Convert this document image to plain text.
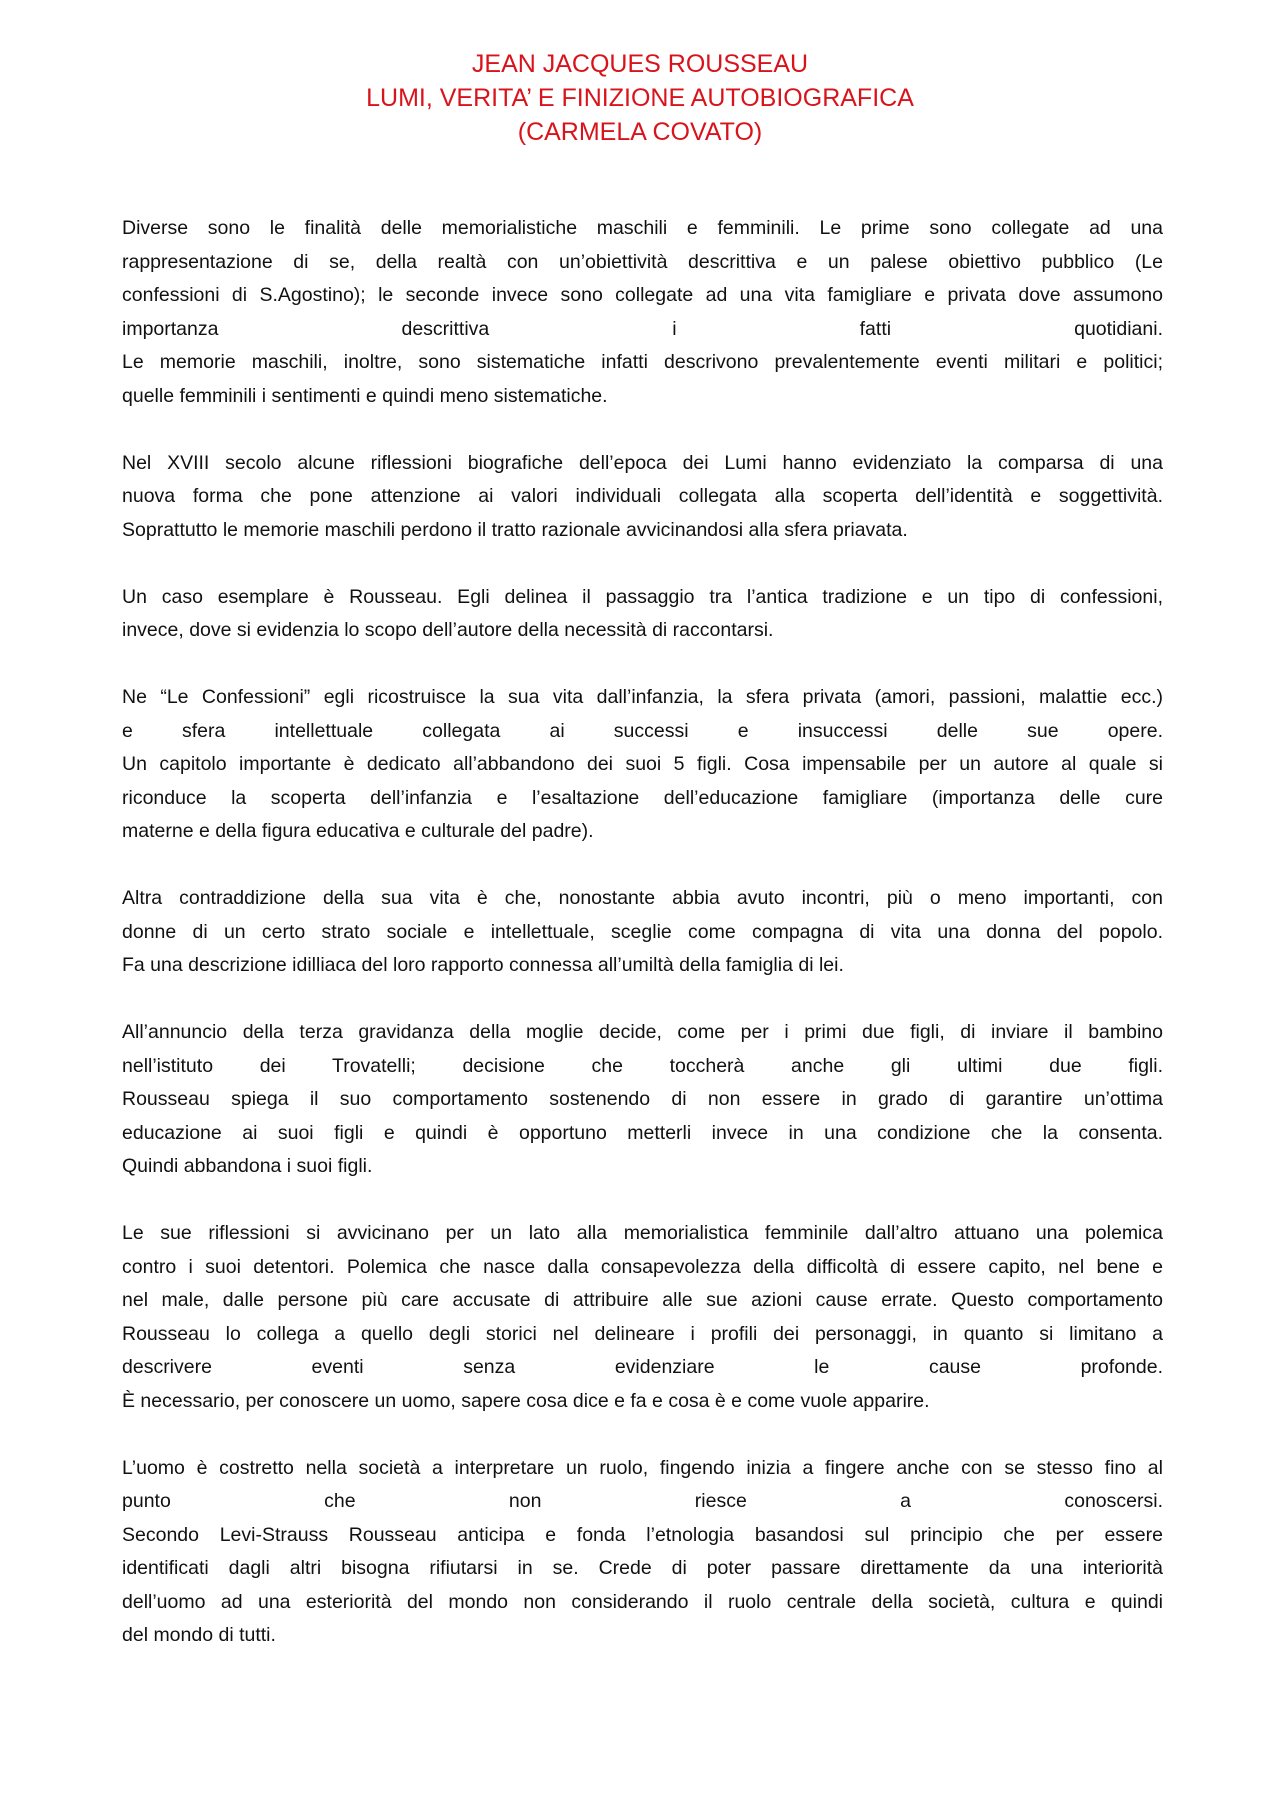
JEAN JACQUES ROUSSEAU
LUMI, VERITA’ E FINIZIONE AUTOBIOGRAFICA
(CARMELA COVATO)
Diverse sono le finalità delle memorialistiche maschili e femminili. Le prime sono collegate ad una
rappresentazione di se, della realtà con un’obiettività descrittiva e un palese obiettivo pubblico (Le
confessioni di S.Agostino); le seconde invece sono collegate ad una vita famigliare e privata dove assumono
importanza descrittiva i fatti quotidiani.
Le memorie maschili, inoltre, sono sistematiche infatti descrivono prevalentemente eventi militari e politici;
quelle femminili i sentimenti e quindi meno sistematiche.
Nel XVIII secolo alcune riflessioni biografiche dell’epoca dei Lumi hanno evidenziato la comparsa di una
nuova forma che pone attenzione ai valori individuali collegata alla scoperta dell’identità e soggettività.
Soprattutto le memorie maschili perdono il tratto razionale avvicinandosi alla sfera priavata.
Un caso esemplare è Rousseau. Egli delinea il passaggio tra l’antica tradizione e un tipo di confessioni,
invece, dove si evidenzia lo scopo dell’autore della necessità di raccontarsi.
Ne “Le Confessioni” egli ricostruisce la sua vita dall’infanzia, la sfera privata (amori, passioni, malattie ecc.)
e sfera intellettuale collegata ai successi e insuccessi delle sue opere.
Un capitolo importante è dedicato all’abbandono dei suoi 5 figli. Cosa impensabile per un autore al quale si
riconduce la scoperta dell’infanzia e l’esaltazione dell’educazione famigliare (importanza delle cure
materne e della figura educativa e culturale del padre).
Altra contraddizione della sua vita è che, nonostante abbia avuto incontri, più o meno importanti, con
donne di un certo strato sociale e intellettuale, sceglie come compagna di vita una donna del popolo.
Fa una descrizione idilliaca del loro rapporto connessa all’umiltà della famiglia di lei.
All’annuncio della terza gravidanza della moglie decide, come per i primi due figli, di inviare il bambino
nell’istituto dei Trovatelli; decisione che toccherà anche gli ultimi due figli.
Rousseau spiega il suo comportamento sostenendo di non essere in grado di garantire un’ottima
educazione ai suoi figli e quindi è opportuno metterli invece in una condizione che la consenta.
Quindi abbandona i suoi figli.
Le sue riflessioni si avvicinano per un lato alla memorialistica femminile dall’altro attuano una polemica
contro i suoi detentori. Polemica che nasce dalla consapevolezza della difficoltà di essere capito, nel bene e
nel male, dalle persone più care accusate di attribuire alle sue azioni cause errate. Questo comportamento
Rousseau lo collega a quello degli storici nel delineare i profili dei personaggi, in quanto si limitano a
descrivere eventi senza evidenziare le cause profonde.
È necessario, per conoscere un uomo, sapere cosa dice e fa e cosa è e come vuole apparire.
L’uomo è costretto nella società a interpretare un ruolo, fingendo inizia a fingere anche con se stesso fino al
punto che non riesce a conoscersi.
Secondo Levi-Strauss Rousseau anticipa e fonda l’etnologia basandosi sul principio che per essere
identificati dagli altri bisogna rifiutarsi in se. Crede di poter passare direttamente da una interiorità
dell’uomo ad una esteriorità del mondo non considerando il ruolo centrale della società, cultura e quindi
del mondo di tutti.
